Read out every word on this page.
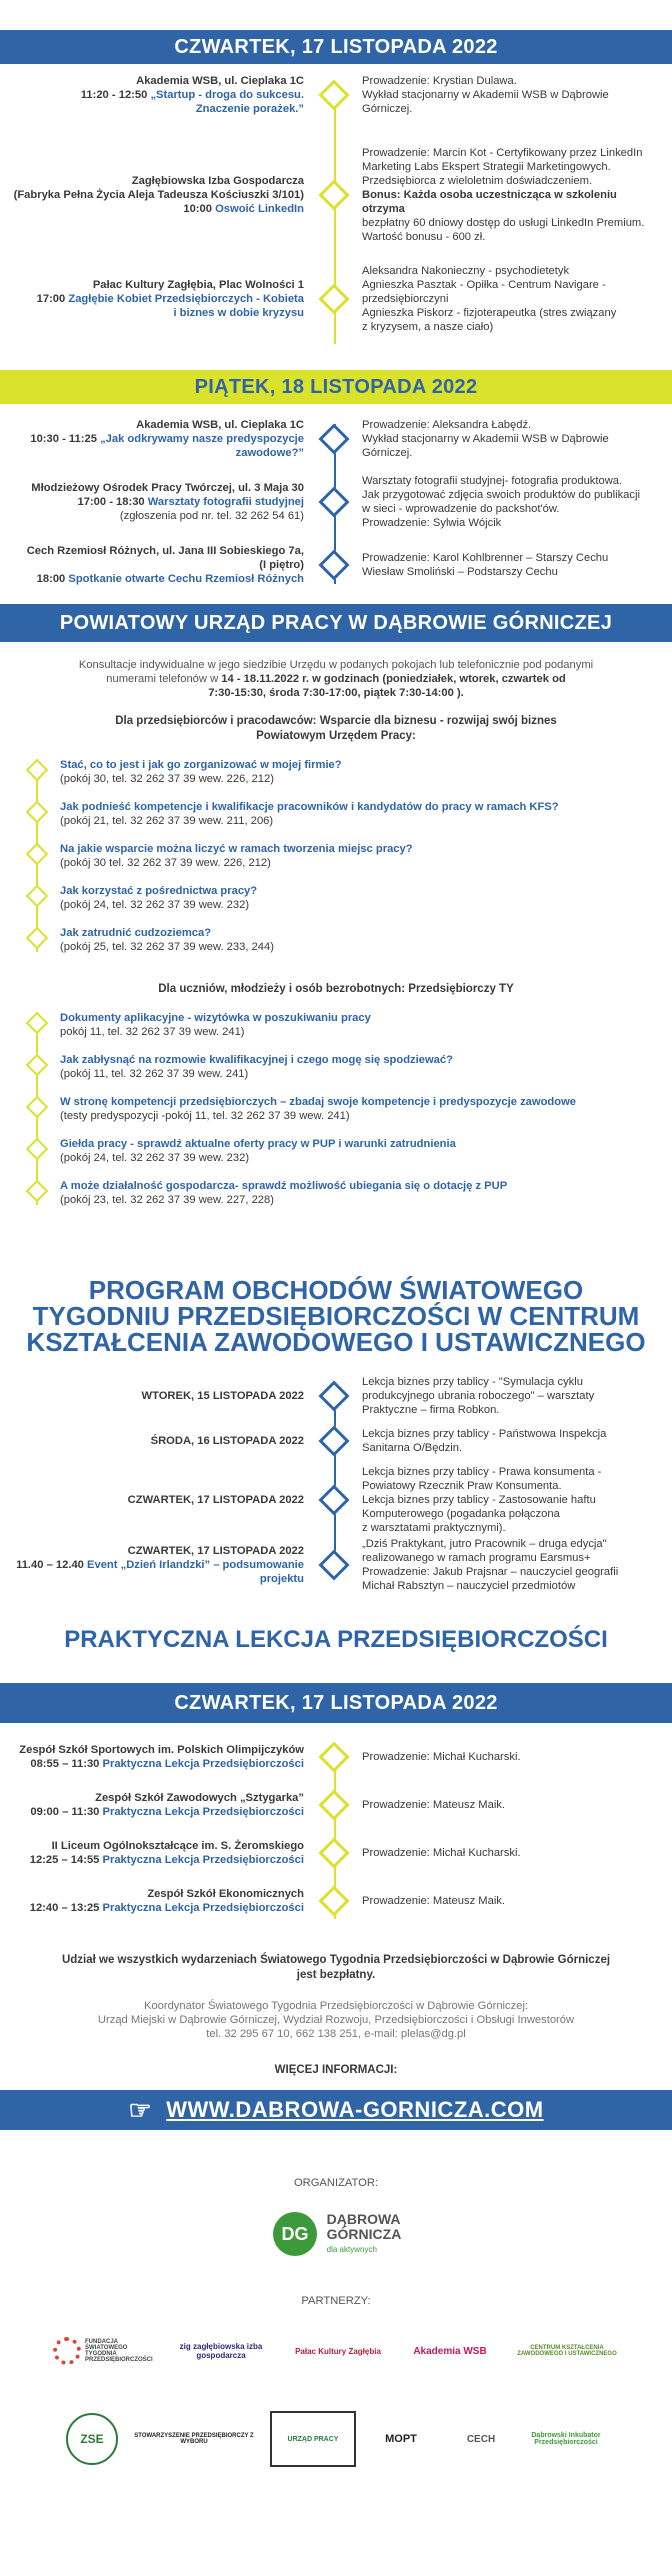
CZWARTEK, 17 LISTOPADA 2022
Akademia WSB, ul. Cieplaka 1C
11:20 - 12:50 „Startup - droga do sukcesu.
Znaczenie porażek.”
Prowadzenie: Krystian Dulawa.
Wykład stacjonarny w Akademii WSB w Dąbrowie
Górniczej.
Zagłębiowska Izba Gospodarcza
(Fabryka Pełna Życia Aleja Tadeusza Kościuszki 3/101)
10:00 Oswoić LinkedIn
Prowadzenie: Marcin Kot - Certyfikowany przez LinkedIn
Marketing Labs Ekspert Strategii Marketingowych.
Przedsiębiorca z wieloletnim doświadczeniem.
Bonus: Każda osoba uczestnicząca w szkoleniu otrzyma
bezpłatny 60 dniowy dostęp do usługi LinkedIn Premium.
Wartość bonusu - 600 zł.
Pałac Kultury Zagłębia, Plac Wolności 1
17:00 Zagłębie Kobiet Przedsiębiorczych - Kobieta
i biznes w dobie kryzysu
Aleksandra Nakonieczny - psychodietetyk
Agnieszka Pasztak - Opiłka - Centrum Navigare -
przedsiębiorczyni
Agnieszka Piskorz - fizjoterapeutka (stres związany
z kryzysem, a nasze ciało)
PIĄTEK, 18 LISTOPADA 2022
Akademia WSB, ul. Cieplaka 1C
10:30 - 11:25 „Jak odkrywamy nasze predyspozycje
zawodowe?”
Prowadzenie: Aleksandra Łabędź.
Wykład stacjonarny w Akademii WSB w Dąbrowie
Górniczej.
Młodzieżowy Ośrodek Pracy Twórczej, ul. 3 Maja 30
17:00 - 18:30 Warsztaty fotografii studyjnej
(zgłoszenia pod nr. tel. 32 262 54 61)
Warsztaty fotografii studyjnej- fotografia produktowa.
Jak przygotować zdjęcia swoich produktów do publikacji
w sieci - wprowadzenie do packshot'ów.
Prowadzenie: Sylwia Wójcik
Cech Rzemiosł Różnych, ul. Jana III Sobieskiego 7a,
(I piętro)
18:00 Spotkanie otwarte Cechu Rzemiosł Różnych
Prowadzenie: Karol Kohlbrenner – Starszy Cechu
Wiesław Smoliński – Podstarszy Cechu
POWIATOWY URZĄD PRACY W DĄBROWIE GÓRNICZEJ
Konsultacje indywidualne w jego siedzibie Urzędu w podanych pokojach lub telefonicznie pod podanymi
numerami telefonów w 14 - 18.11.2022 r. w godzinach (poniedziałek, wtorek, czwartek od
7:30-15:30, środa 7:30-17:00, piątek 7:30-14:00 ).
Dla przedsiębiorców i pracodawców: Wsparcie dla biznesu - rozwijaj swój biznes
Powiatowym Urzędem Pracy:
Stać, co to jest i jak go zorganizować w mojej firmie?
(pokój 30, tel. 32 262 37 39 wew. 226, 212)
Jak podnieść kompetencje i kwalifikacje pracowników i kandydatów do pracy w ramach KFS?
(pokój 21, tel. 32 262 37 39 wew. 211, 206)
Na jakie wsparcie można liczyć w ramach tworzenia miejsc pracy?
(pokój 30 tel. 32 262 37 39 wew. 226, 212)
Jak korzystać z pośrednictwa pracy?
(pokój 24, tel. 32 262 37 39 wew. 232)
Jak zatrudnić cudzoziemca?
(pokój 25, tel. 32 262 37 39 wew. 233, 244)
Dla uczniów, młodzieży i osób bezrobotnych: Przedsiębiorczy TY
Dokumenty aplikacyjne - wizytówka w poszukiwaniu pracy
pokój 11, tel. 32 262 37 39 wew. 241)
Jak zabłysnąć na rozmowie kwalifikacyjnej i czego mogę się spodziewać?
(pokój 11, tel. 32 262 37 39 wew. 241)
W stronę kompetencji przedsiębiorczych – zbadaj swoje kompetencje i predyspozycje zawodowe
(testy predyspozycji -pokój 11, tel. 32 262 37 39 wew. 241)
Giełda pracy - sprawdź aktualne oferty pracy w PUP i warunki zatrudnienia
(pokój 24, tel. 32 262 37 39 wew. 232)
A może działalność gospodarcza- sprawdź możliwość ubiegania się o dotację z PUP
(pokój 23, tel. 32 262 37 39 wew. 227, 228)
PROGRAM OBCHODÓW ŚWIATOWEGO
TYGODNIU PRZEDSIĘBIORCZOŚCI W CENTRUM
KSZTAŁCENIA ZAWODOWEGO I USTAWICZNEGO
WTOREK, 15 LISTOPADA 2022
Lekcja biznes przy tablicy - "Symulacja cyklu
produkcyjnego ubrania roboczego" – warsztaty
Praktyczne – firma Robkon.
ŚRODA, 16 LISTOPADA 2022
Lekcja biznes przy tablicy - Państwowa Inspekcja
Sanitarna O/Będzin.
CZWARTEK, 17 LISTOPADA 2022
Lekcja biznes przy tablicy - Prawa konsumenta -
Powiatowy Rzecznik Praw Konsumenta.
Lekcja biznes przy tablicy - Zastosowanie haftu
Komputerowego (pogadanka połączona
z warsztatami praktycznymi).
CZWARTEK, 17 LISTOPADA 2022
11.40 – 12.40 Event „Dzień Irlandzki” – podsumowanie
projektu
„Dziś Praktykant, jutro Pracownik – druga edycja"
realizowanego w ramach programu Earsmus+
Prowadzenie: Jakub Prajsnar – nauczyciel geografii
Michał Rabsztyn – nauczyciel przedmiotów
PRAKTYCZNA LEKCJA PRZEDSIĘBIORCZOŚCI
CZWARTEK, 17 LISTOPADA 2022
Zespół Szkół Sportowych im. Polskich Olimpijczyków
08:55 – 11:30 Praktyczna Lekcja Przedsiębiorczości
Prowadzenie: Michał Kucharski.
Zespół Szkół Zawodowych „Sztygarka”
09:00 – 11:30 Praktyczna Lekcja Przedsiębiorczości
Prowadzenie: Mateusz Maik.
II Liceum Ogólnokształcące im. S. Żeromskiego
12:25 – 14:55 Praktyczna Lekcja Przedsiębiorczości
Prowadzenie: Michał Kucharski.
Zespół Szkół Ekonomicznych
12:40 – 13:25 Praktyczna Lekcja Przedsiębiorczości
Prowadzenie: Mateusz Maik.
Udział we wszystkich wydarzeniach Światowego Tygodnia Przedsiębiorczości w Dąbrowie Górniczej
jest bezpłatny.
Koordynator Światowego Tygodnia Przedsiębiorczości w Dąbrowie Górniczej:
Urząd Miejski w Dąbrowie Górniczej, Wydział Rozwoju, Przedsiębiorczości i Obsługi Inwestorów
tel. 32 295 67 10, 662 138 251, e-mail: plelas@dg.pl
WIĘCEJ INFORMACJI:
☞ WWW.DABROWA-GORNICZA.COM
ORGANIZATOR:
DG
DĄBROWA
GÓRNICZA
dla aktywnych
PARTNERZY:
FUNDACJA ŚWIATOWEGO TYGODNIA PRZEDSIĘBIORCZOŚCI
zig zagłębiowska izba gospodarcza	Pałac Kultury Zagłębia	Akademia WSB	CENTRUM KSZTAŁCENIA ZAWODOWEGO I USTAWICZNEGO
ZSE	STOWARZYSZENIE PRZEDSIĘBIORCZY Z WYBORU	URZĄD PRACY	MOPT	CECH	Dąbrowski Inkubator Przedsiębiorczości
